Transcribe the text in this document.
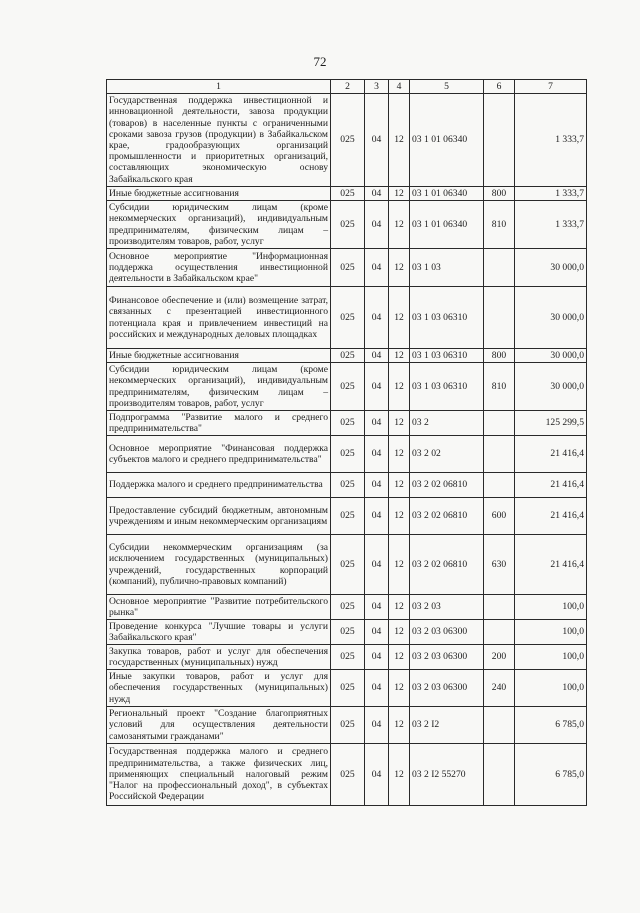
72
1	2	3	4	5	6	7
Государственная поддержка инвестиционной и инновационной деятельности, завоза продукции (товаров) в населенные пункты с ограниченными сроками завоза грузов (продукции) в Забайкальском крае, градообразующих организаций промышленности и приоритетных организаций, составляющих экономическую основу Забайкальского края	025	04	12	03 1 01 06340		1 333,7
Иные бюджетные ассигнования	025	04	12	03 1 01 06340	800	1 333,7
Субсидии юридическим лицам (кроме некоммерческих организаций), индивидуальным предпринимателям, физическим лицам – производителям товаров, работ, услуг	025	04	12	03 1 01 06340	810	1 333,7
Основное мероприятие "Информационная поддержка осуществления инвестиционной деятельности в Забайкальском крае"	025	04	12	03 1 03		30 000,0
Финансовое обеспечение и (или) возмещение затрат, связанных с презентацией инвестиционного потенциала края и привлечением инвестиций на российских и международных деловых площадках	025	04	12	03 1 03 06310		30 000,0
Иные бюджетные ассигнования	025	04	12	03 1 03 06310	800	30 000,0
Субсидии юридическим лицам (кроме некоммерческих организаций), индивидуальным предпринимателям, физическим лицам – производителям товаров, работ, услуг	025	04	12	03 1 03 06310	810	30 000,0
Подпрограмма "Развитие малого и среднего предпринимательства"	025	04	12	03 2		125 299,5
Основное мероприятие "Финансовая поддержка субъектов малого и среднего предпринимательства"	025	04	12	03 2 02		21 416,4
Поддержка малого и среднего предпринимательства	025	04	12	03 2 02 06810		21 416,4
Предоставление субсидий бюджетным, автономным учреждениям и иным некоммерческим организациям	025	04	12	03 2 02 06810	600	21 416,4
Субсидии некоммерческим организациям (за исключением государственных (муниципальных) учреждений, государственных корпораций (компаний), публично-правовых компаний)	025	04	12	03 2 02 06810	630	21 416,4
Основное мероприятие "Развитие потребительского рынка"	025	04	12	03 2 03		100,0
Проведение конкурса "Лучшие товары и услуги Забайкальского края"	025	04	12	03 2 03 06300		100,0
Закупка товаров, работ и услуг для обеспечения государственных (муниципальных) нужд	025	04	12	03 2 03 06300	200	100,0
Иные закупки товаров, работ и услуг для обеспечения государственных (муниципальных) нужд	025	04	12	03 2 03 06300	240	100,0
Региональный проект "Создание благоприятных условий для осуществления деятельности самозанятыми гражданами"	025	04	12	03 2 I2		6 785,0
Государственная поддержка малого и среднего предпринимательства, а также физических лиц, применяющих специальный налоговый режим "Налог на профессиональный доход", в субъектах Российской Федерации	025	04	12	03 2 I2 55270		6 785,0
